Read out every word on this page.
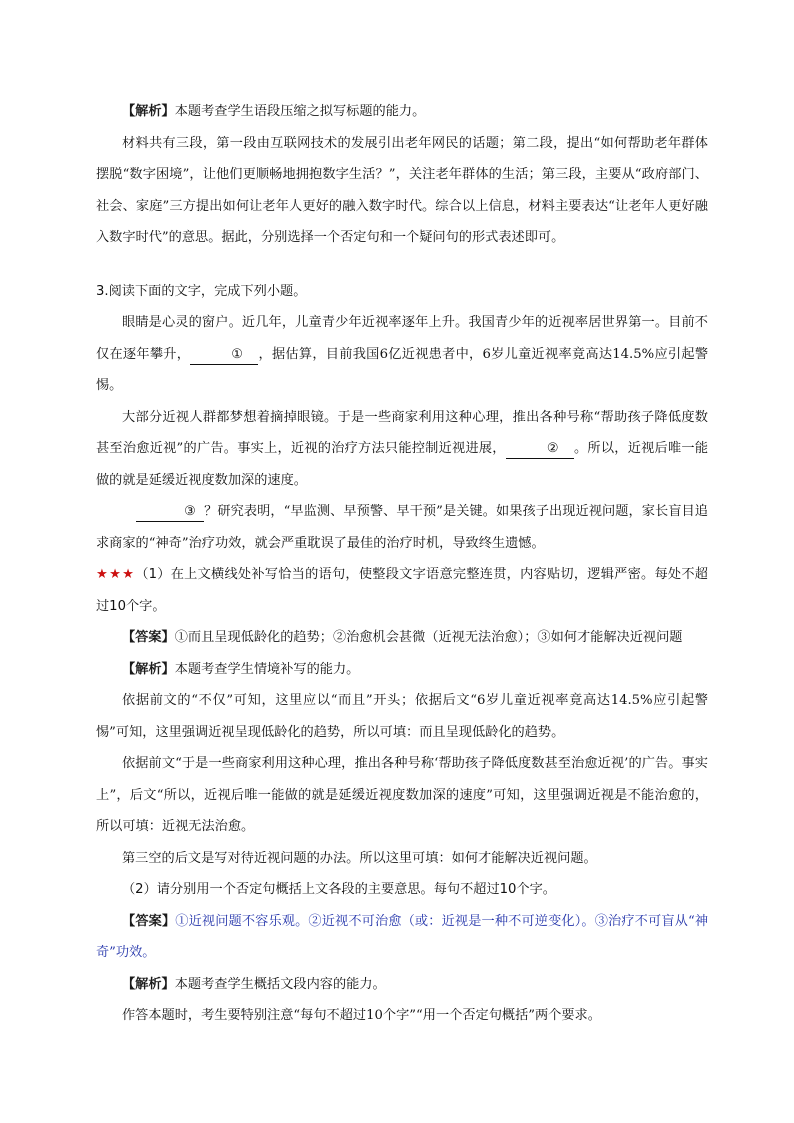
【解析】本题考查学生语段压缩之拟写标题的能力。

材料共有三段，第一段由互联网技术的发展引出老年网民的话题；第二段，提出“如何帮助老年群体摆脱“数字困境”，让他们更顺畅地拥抱数字生活？”，关注老年群体的生活；第三段，主要从“政府部门、社会、家庭”三方提出如何让老年人更好的融入数字时代。综合以上信息，材料主要表达“让老年人更好融入数字时代”的意思。据此，分别选择一个否定句和一个疑问句的形式表述即可。

3.阅读下面的文字，完成下列小题。

眼睛是心灵的窗户。近几年，儿童青少年近视率逐年上升。我国青少年的近视率居世界第一。目前不仅在逐年攀升，	① ，据估算，目前我国6亿近视患者中，6岁儿童近视率竟高达14.5%应引起警惕。

大部分近视人群都梦想着摘掉眼镜。于是一些商家利用这种心理，推出各种号称“帮助孩子降低度数甚至治愈近视”的广告。事实上，近视的治疗方法只能控制近视进展，	② 。所以，近视后唯一能做的就是延缓近视度数加深的速度。

③ ？研究表明，“早监测、早预警、早干预”是关键。如果孩子出现近视问题，家长盲目追求商家的“神奇”治疗功效，就会严重耽误了最佳的治疗时机，导致终生遗憾。

★★★（1）在上文横线处补写恰当的语句，使整段文字语意完整连贯，内容贴切，逻辑严密。每处不超过10个字。

【答案】①而且呈现低龄化的趋势；②治愈机会甚微（近视无法治愈）；③如何才能解决近视问题

【解析】本题考查学生情境补写的能力。

依据前文的“不仅”可知，这里应以“而且”开头；依据后文“6岁儿童近视率竟高达14.5%应引起警惕”可知，这里强调近视呈现低龄化的趋势，所以可填：而且呈现低龄化的趋势。

依据前文“于是一些商家利用这种心理，推出各种号称‘帮助孩子降低度数甚至治愈近视’的广告。事实上”，后文“所以，近视后唯一能做的就是延缓近视度数加深的速度”可知，这里强调近视是不能治愈的，所以可填：近视无法治愈。

第三空的后文是写对待近视问题的办法。所以这里可填：如何才能解决近视问题。

（2）请分别用一个否定句概括上文各段的主要意思。每句不超过10个字。

【答案】①近视问题不容乐观。②近视不可治愈（或：近视是一种不可逆变化）。③治疗不可盲从“神奇”功效。

【解析】本题考查学生概括文段内容的能力。

作答本题时，考生要特别注意“每句不超过10个字”“用一个否定句概括”两个要求。
